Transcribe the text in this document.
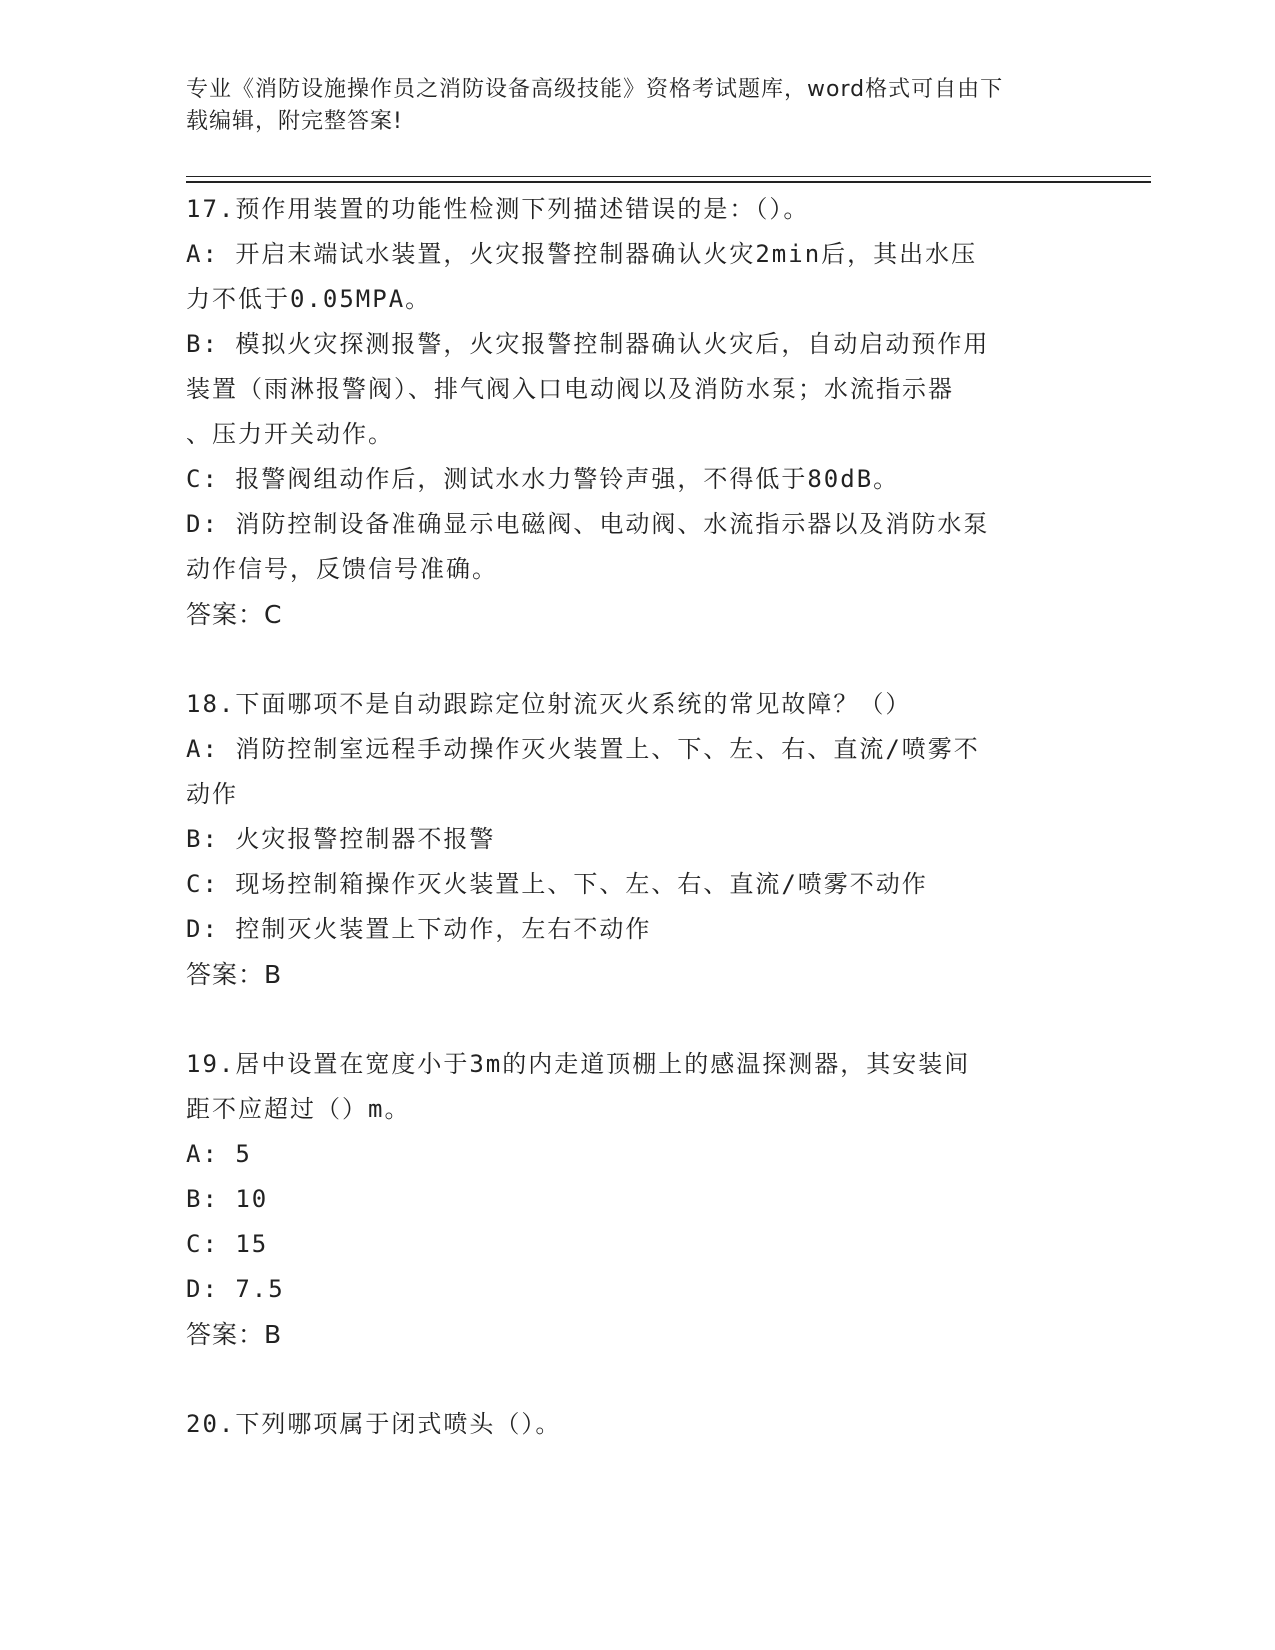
专业《消防设施操作员之消防设备高级技能》资格考试题库，word格式可自由下
载编辑，附完整答案!
17.预作用装置的功能性检测下列描述错误的是：（）。
A: 开启末端试水装置，火灾报警控制器确认火灾2min后，其出水压
力不低于0.05MPA。
B: 模拟火灾探测报警，火灾报警控制器确认火灾后，自动启动预作用
装置（雨淋报警阀）、排气阀入口电动阀以及消防水泵；水流指示器
、压力开关动作。
C: 报警阀组动作后，测试水水力警铃声强，不得低于80dB。
D: 消防控制设备准确显示电磁阀、电动阀、水流指示器以及消防水泵
动作信号，反馈信号准确。
答案：C
18.下面哪项不是自动跟踪定位射流灭火系统的常见故障？（）
A: 消防控制室远程手动操作灭火装置上、下、左、右、直流/喷雾不
动作
B: 火灾报警控制器不报警
C: 现场控制箱操作灭火装置上、下、左、右、直流/喷雾不动作
D: 控制灭火装置上下动作，左右不动作
答案：B
19.居中设置在宽度小于3m的内走道顶棚上的感温探测器，其安装间
距不应超过（）m。
A: 5
B: 10
C: 15
D: 7.5
答案：B
20.下列哪项属于闭式喷头（）。
